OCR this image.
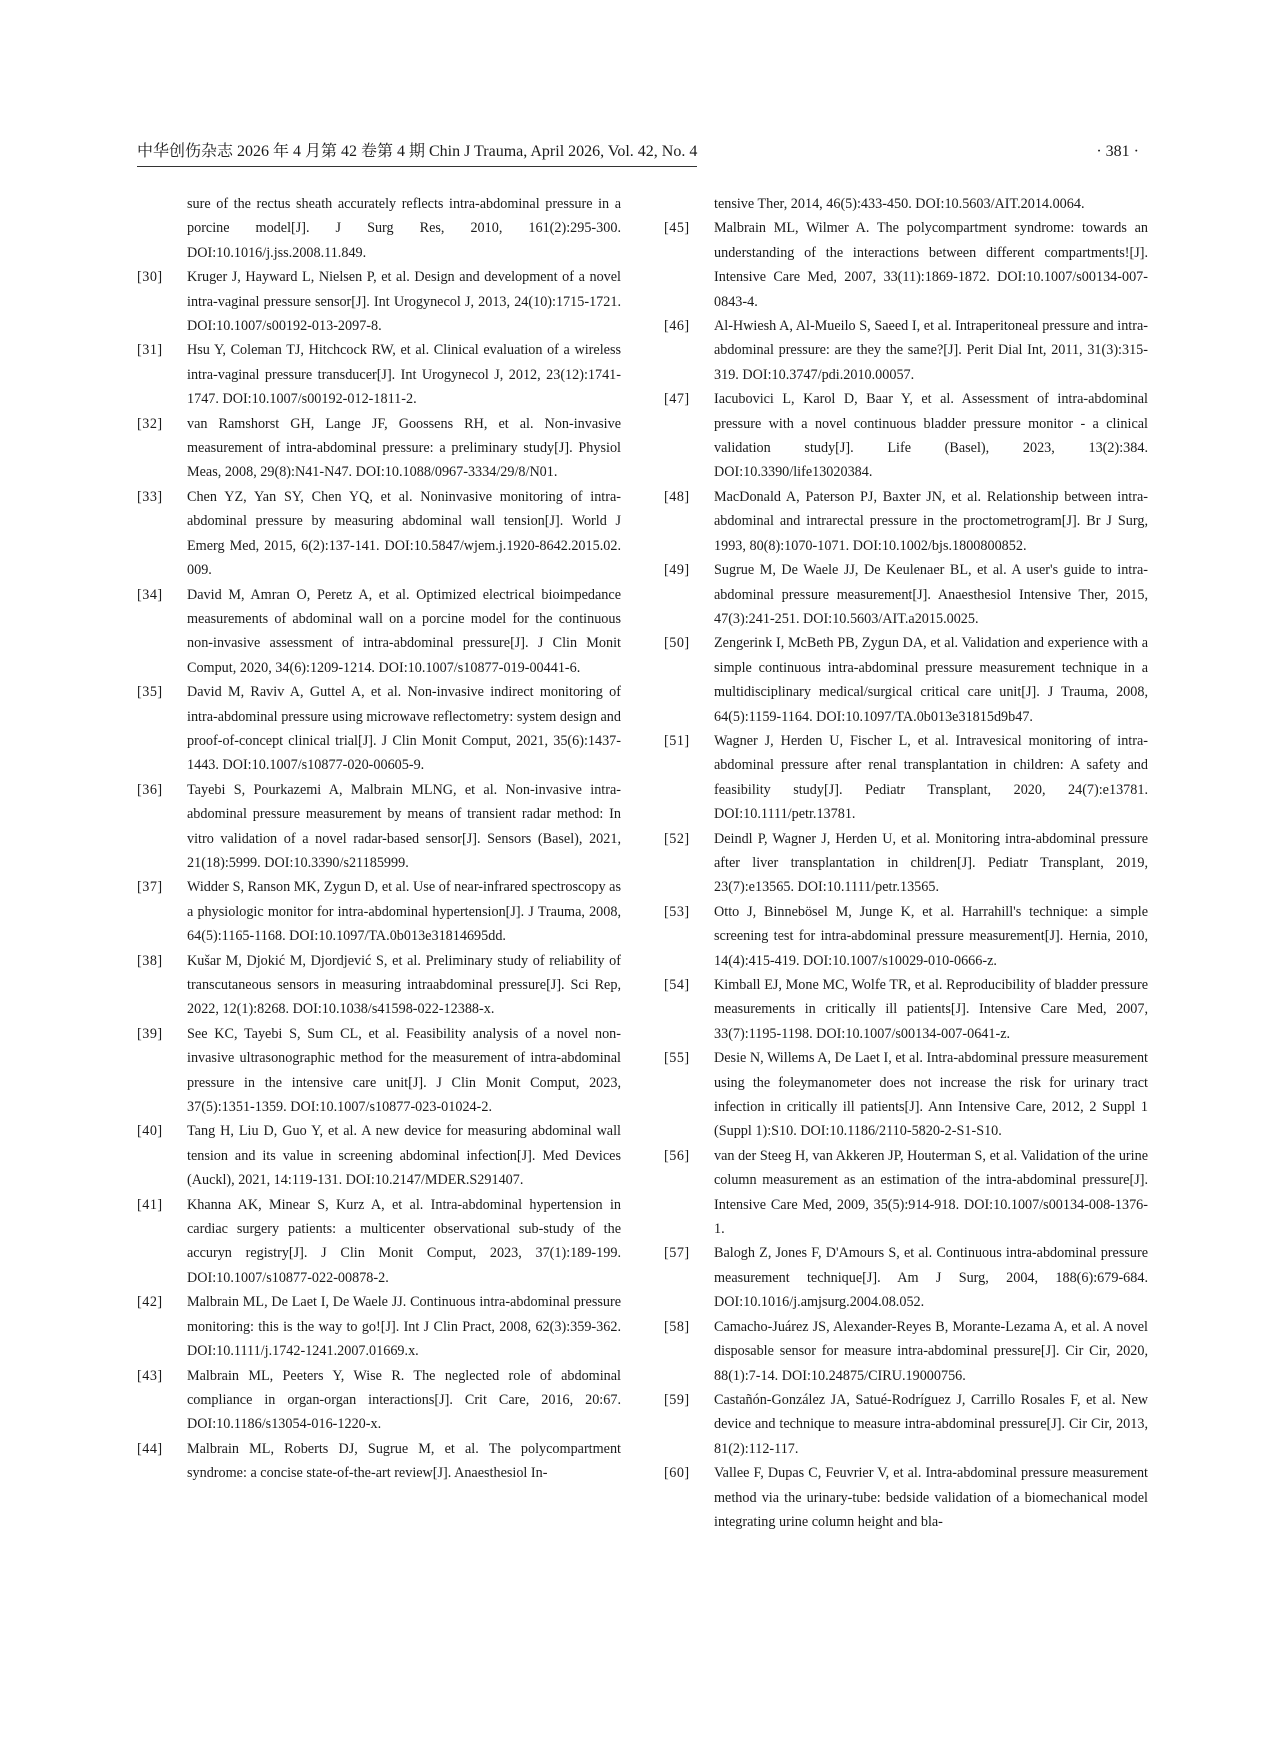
中华创伤杂志 2026 年 4 月第 42 卷第 4 期 Chin J Trauma, April 2026, Vol. 42, No. 4	· 381 ·
sure of the rectus sheath accurately reflects intra-abdominal pressure in a porcine model[J]. J Surg Res, 2010, 161(2):295-300. DOI:10.1016/j.jss.2008.11.849.
[30] Kruger J, Hayward L, Nielsen P, et al. Design and development of a novel intra-vaginal pressure sensor[J]. Int Urogynecol J, 2013, 24(10):1715-1721. DOI:10.1007/s00192-013-2097-8.
[31] Hsu Y, Coleman TJ, Hitchcock RW, et al. Clinical evaluation of a wireless intra-vaginal pressure transducer[J]. Int Urogynecol J, 2012, 23(12):1741-1747. DOI:10.1007/s00192-012-1811-2.
[32] van Ramshorst GH, Lange JF, Goossens RH, et al. Non-invasive measurement of intra-abdominal pressure: a preliminary study[J]. Physiol Meas, 2008, 29(8):N41-N47. DOI:10.1088/0967-3334/29/8/N01.
[33] Chen YZ, Yan SY, Chen YQ, et al. Noninvasive monitoring of intra-abdominal pressure by measuring abdominal wall tension[J]. World J Emerg Med, 2015, 6(2):137-141. DOI:10.5847/wjem.j.1920-8642.2015.02. 009.
[34] David M, Amran O, Peretz A, et al. Optimized electrical bioimpedance measurements of abdominal wall on a porcine model for the continuous non-invasive assessment of intra-abdominal pressure[J]. J Clin Monit Comput, 2020, 34(6):1209-1214. DOI:10.1007/s10877-019-00441-6.
[35] David M, Raviv A, Guttel A, et al. Non-invasive indirect monitoring of intra-abdominal pressure using microwave reflectometry: system design and proof-of-concept clinical trial[J]. J Clin Monit Comput, 2021, 35(6):1437-1443. DOI:10.1007/s10877-020-00605-9.
[36] Tayebi S, Pourkazemi A, Malbrain MLNG, et al. Non-invasive intra-abdominal pressure measurement by means of transient radar method: In vitro validation of a novel radar-based sensor[J]. Sensors (Basel), 2021, 21(18):5999. DOI:10.3390/s21185999.
[37] Widder S, Ranson MK, Zygun D, et al. Use of near-infrared spectroscopy as a physiologic monitor for intra-abdominal hypertension[J]. J Trauma, 2008, 64(5):1165-1168. DOI:10.1097/TA.0b013e31814695dd.
[38] Kušar M, Djokić M, Djordjević S, et al. Preliminary study of reliability of transcutaneous sensors in measuring intraabdominal pressure[J]. Sci Rep, 2022, 12(1):8268. DOI:10.1038/s41598-022-12388-x.
[39] See KC, Tayebi S, Sum CL, et al. Feasibility analysis of a novel non-invasive ultrasonographic method for the measurement of intra-abdominal pressure in the intensive care unit[J]. J Clin Monit Comput, 2023, 37(5):1351-1359. DOI:10.1007/s10877-023-01024-2.
[40] Tang H, Liu D, Guo Y, et al. A new device for measuring abdominal wall tension and its value in screening abdominal infection[J]. Med Devices (Auckl), 2021, 14:119-131. DOI:10.2147/MDER.S291407.
[41] Khanna AK, Minear S, Kurz A, et al. Intra-abdominal hypertension in cardiac surgery patients: a multicenter observational sub-study of the accuryn registry[J]. J Clin Monit Comput, 2023, 37(1):189-199. DOI:10.1007/s10877-022-00878-2.
[42] Malbrain ML, De Laet I, De Waele JJ. Continuous intra-abdominal pressure monitoring: this is the way to go![J]. Int J Clin Pract, 2008, 62(3):359-362. DOI:10.1111/j.1742-1241.2007.01669.x.
[43] Malbrain ML, Peeters Y, Wise R. The neglected role of abdominal compliance in organ-organ interactions[J]. Crit Care, 2016, 20:67. DOI:10.1186/s13054-016-1220-x.
[44] Malbrain ML, Roberts DJ, Sugrue M, et al. The polycompartment syndrome: a concise state-of-the-art review[J]. Anaesthesiol In-
tensive Ther, 2014, 46(5):433-450. DOI:10.5603/AIT.2014.0064.
[45] Malbrain ML, Wilmer A. The polycompartment syndrome: towards an understanding of the interactions between different compartments![J]. Intensive Care Med, 2007, 33(11):1869-1872. DOI:10.1007/s00134-007-0843-4.
[46] Al-Hwiesh A, Al-Mueilo S, Saeed I, et al. Intraperitoneal pressure and intra-abdominal pressure: are they the same?[J]. Perit Dial Int, 2011, 31(3):315-319. DOI:10.3747/pdi.2010.00057.
[47] Iacubovici L, Karol D, Baar Y, et al. Assessment of intra-abdominal pressure with a novel continuous bladder pressure monitor - a clinical validation study[J]. Life (Basel), 2023, 13(2):384. DOI:10.3390/life13020384.
[48] MacDonald A, Paterson PJ, Baxter JN, et al. Relationship between intra-abdominal and intrarectal pressure in the proctometrogram[J]. Br J Surg, 1993, 80(8):1070-1071. DOI:10.1002/bjs.1800800852.
[49] Sugrue M, De Waele JJ, De Keulenaer BL, et al. A user's guide to intra-abdominal pressure measurement[J]. Anaesthesiol Intensive Ther, 2015, 47(3):241-251. DOI:10.5603/AIT.a2015.0025.
[50] Zengerink I, McBeth PB, Zygun DA, et al. Validation and experience with a simple continuous intra-abdominal pressure measurement technique in a multidisciplinary medical/surgical critical care unit[J]. J Trauma, 2008, 64(5):1159-1164. DOI:10.1097/TA.0b013e31815d9b47.
[51] Wagner J, Herden U, Fischer L, et al. Intravesical monitoring of intra-abdominal pressure after renal transplantation in children: A safety and feasibility study[J]. Pediatr Transplant, 2020, 24(7):e13781. DOI:10.1111/petr.13781.
[52] Deindl P, Wagner J, Herden U, et al. Monitoring intra-abdominal pressure after liver transplantation in children[J]. Pediatr Transplant, 2019, 23(7):e13565. DOI:10.1111/petr.13565.
[53] Otto J, Binnebösel M, Junge K, et al. Harrahill's technique: a simple screening test for intra-abdominal pressure measurement[J]. Hernia, 2010, 14(4):415-419. DOI:10.1007/s10029-010-0666-z.
[54] Kimball EJ, Mone MC, Wolfe TR, et al. Reproducibility of bladder pressure measurements in critically ill patients[J]. Intensive Care Med, 2007, 33(7):1195-1198. DOI:10.1007/s00134-007-0641-z.
[55] Desie N, Willems A, De Laet I, et al. Intra-abdominal pressure measurement using the foleymanometer does not increase the risk for urinary tract infection in critically ill patients[J]. Ann Intensive Care, 2012, 2 Suppl 1 (Suppl 1):S10. DOI:10.1186/2110-5820-2-S1-S10.
[56] van der Steeg H, van Akkeren JP, Houterman S, et al. Validation of the urine column measurement as an estimation of the intra-abdominal pressure[J]. Intensive Care Med, 2009, 35(5):914-918. DOI:10.1007/s00134-008-1376-1.
[57] Balogh Z, Jones F, D'Amours S, et al. Continuous intra-abdominal pressure measurement technique[J]. Am J Surg, 2004, 188(6):679-684. DOI:10.1016/j.amjsurg.2004.08.052.
[58] Camacho-Juárez JS, Alexander-Reyes B, Morante-Lezama A, et al. A novel disposable sensor for measure intra-abdominal pressure[J]. Cir Cir, 2020, 88(1):7-14. DOI:10.24875/CIRU.19000756.
[59] Castañón-González JA, Satué-Rodríguez J, Carrillo Rosales F, et al. New device and technique to measure intra-abdominal pressure[J]. Cir Cir, 2013, 81(2):112-117.
[60] Vallee F, Dupas C, Feuvrier V, et al. Intra-abdominal pressure measurement method via the urinary-tube: bedside validation of a biomechanical model integrating urine column height and bla-
